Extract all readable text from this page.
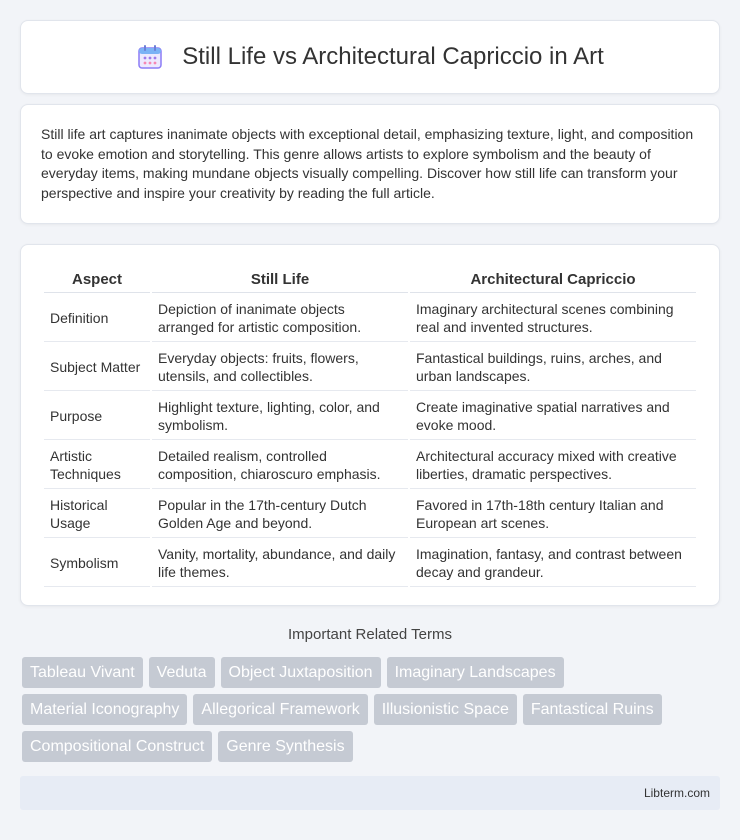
Still Life vs Architectural Capriccio in Art

Still life art captures inanimate objects with exceptional detail, emphasizing texture, light, and composition to evoke emotion and storytelling. This genre allows artists to explore symbolism and the beauty of everyday items, making mundane objects visually compelling. Discover how still life can transform your perspective and inspire your creativity by reading the full article.

Aspect	Still Life	Architectural Capriccio
Definition	Depiction of inanimate objects arranged for artistic composition.	Imaginary architectural scenes combining real and invented structures.
Subject Matter	Everyday objects: fruits, flowers, utensils, and collectibles.	Fantastical buildings, ruins, arches, and urban landscapes.
Purpose	Highlight texture, lighting, color, and symbolism.	Create imaginative spatial narratives and evoke mood.
Artistic Techniques	Detailed realism, controlled composition, chiaroscuro emphasis.	Architectural accuracy mixed with creative liberties, dramatic perspectives.
Historical Usage	Popular in the 17th-century Dutch Golden Age and beyond.	Favored in 17th-18th century Italian and European art scenes.
Symbolism	Vanity, mortality, abundance, and daily life themes.	Imagination, fantasy, and contrast between decay and grandeur.
Important Related Terms
Tableau Vivant	Veduta	Object Juxtaposition	Imaginary Landscapes
Material Iconography	Allegorical Framework	Illusionistic Space	Fantastical Ruins
Compositional Construct	Genre Synthesis
Libterm.com
